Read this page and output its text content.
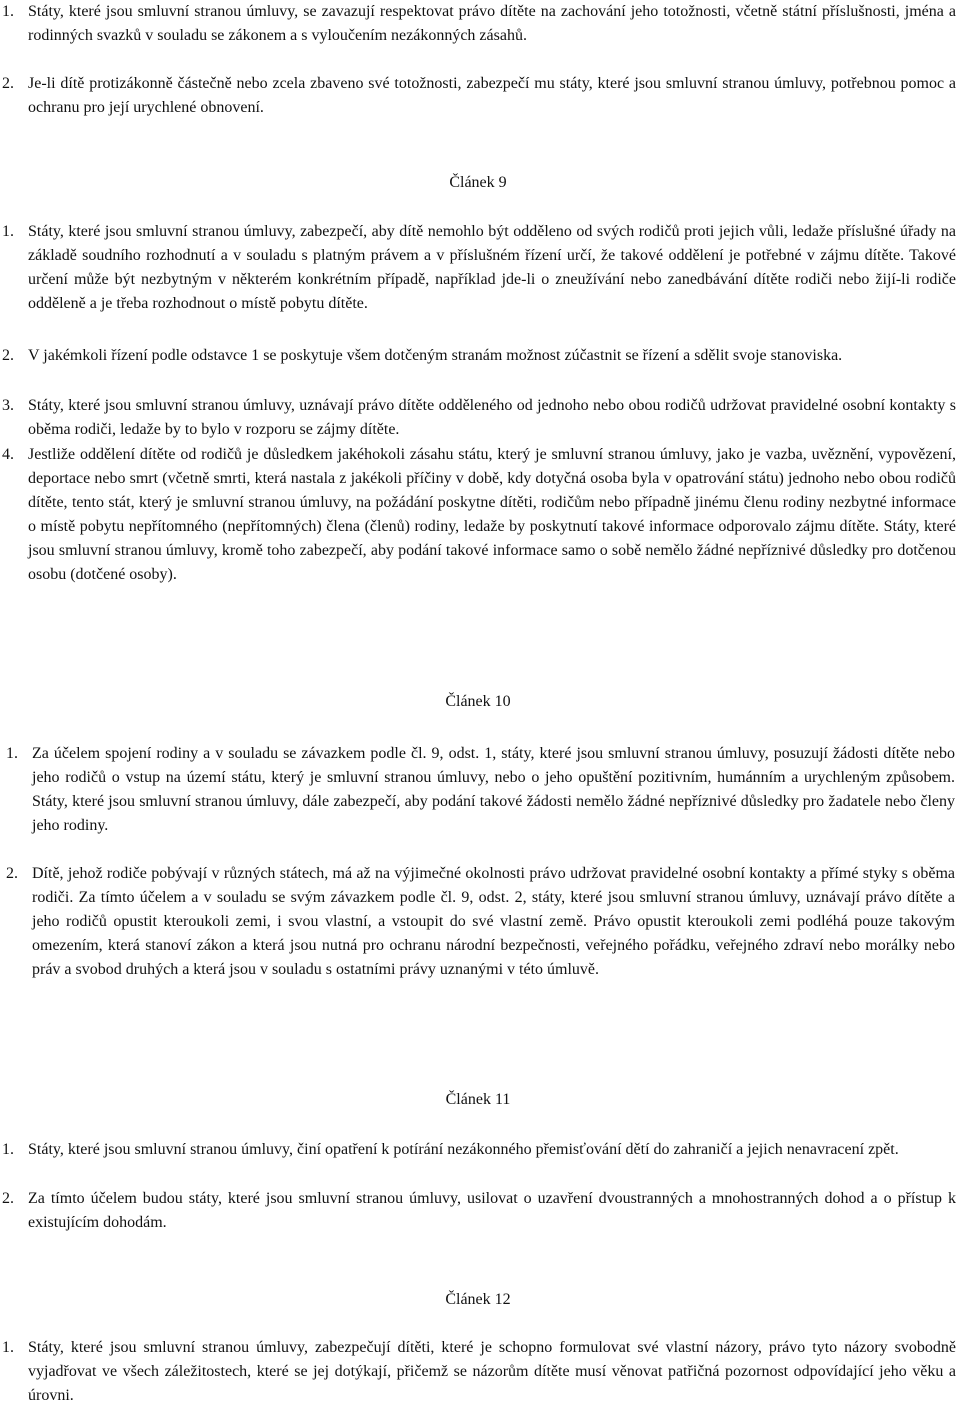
1. Státy, které jsou smluvní stranou úmluvy, se zavazují respektovat právo dítěte na zachování jeho totožnosti, včetně státní příslušnosti, jména a rodinných svazků v souladu se zákonem a s vyloučením nezákonných zásahů.
2. Je-li dítě protizákonně částečně nebo zcela zbaveno své totožnosti, zabezpečí mu státy, které jsou smluvní stranou úmluvy, potřebnou pomoc a ochranu pro její urychlené obnovení.
Článek 9
1. Státy, které jsou smluvní stranou úmluvy, zabezpečí, aby dítě nemohlo být odděleno od svých rodičů proti jejich vůli, ledaže příslušné úřady na základě soudního rozhodnutí a v souladu s platným právem a v příslušném řízení určí, že takové oddělení je potřebné v zájmu dítěte. Takové určení může být nezbytným v některém konkrétním případě, například jde-li o zneužívání nebo zanedbávání dítěte rodiči nebo žijí-li rodiče odděleně a je třeba rozhodnout o místě pobytu dítěte.
2. V jakémkoli řízení podle odstavce 1 se poskytuje všem dotčeným stranám možnost zúčastnit se řízení a sdělit svoje stanoviska.
3. Státy, které jsou smluvní stranou úmluvy, uznávají právo dítěte odděleného od jednoho nebo obou rodičů udržovat pravidelné osobní kontakty s oběma rodiči, ledaže by to bylo v rozporu se zájmy dítěte.
4. Jestliže oddělení dítěte od rodičů je důsledkem jakéhokoli zásahu státu, který je smluvní stranou úmluvy, jako je vazba, uvěznění, vypovězení, deportace nebo smrt (včetně smrti, která nastala z jakékoli příčiny v době, kdy dotyčná osoba byla v opatrování státu) jednoho nebo obou rodičů dítěte, tento stát, který je smluvní stranou úmluvy, na požádání poskytne dítěti, rodičům nebo případně jinému členu rodiny nezbytné informace o místě pobytu nepřítomného (nepřítomných) člena (členů) rodiny, ledaže by poskytnutí takové informace odporovalo zájmu dítěte. Státy, které jsou smluvní stranou úmluvy, kromě toho zabezpečí, aby podání takové informace samo o sobě nemělo žádné nepříznivé důsledky pro dotčenou osobu (dotčené osoby).
Článek 10
1. Za účelem spojení rodiny a v souladu se závazkem podle čl. 9, odst. 1, státy, které jsou smluvní stranou úmluvy, posuzují žádosti dítěte nebo jeho rodičů o vstup na území státu, který je smluvní stranou úmluvy, nebo o jeho opuštění pozitivním, humánním a urychleným způsobem. Státy, které jsou smluvní stranou úmluvy, dále zabezpečí, aby podání takové žádosti nemělo žádné nepříznivé důsledky pro žadatele nebo členy jeho rodiny.
2. Dítě, jehož rodiče pobývají v různých státech, má až na výjimečné okolnosti právo udržovat pravidelné osobní kontakty a přímé styky s oběma rodiči. Za tímto účelem a v souladu se svým závazkem podle čl. 9, odst. 2, státy, které jsou smluvní stranou úmluvy, uznávají právo dítěte a jeho rodičů opustit kteroukoli zemi, i svou vlastní, a vstoupit do své vlastní země. Právo opustit kteroukoli zemi podléhá pouze takovým omezením, která stanoví zákon a která jsou nutná pro ochranu národní bezpečnosti, veřejného pořádku, veřejného zdraví nebo morálky nebo práv a svobod druhých a která jsou v souladu s ostatními právy uznanými v této úmluvě.
Článek 11
1. Státy, které jsou smluvní stranou úmluvy, činí opatření k potírání nezákonného přemisťování dětí do zahraničí a jejich nenavracení zpět.
2. Za tímto účelem budou státy, které jsou smluvní stranou úmluvy, usilovat o uzavření dvoustranných a mnohostranných dohod a o přístup k existujícím dohodám.
Článek 12
1. Státy, které jsou smluvní stranou úmluvy, zabezpečují dítěti, které je schopno formulovat své vlastní názory, právo tyto názory svobodně vyjadřovat ve všech záležitostech, které se jej dotýkají, přičemž se názorům dítěte musí věnovat patřičná pozornost odpovídající jeho věku a úrovni.
